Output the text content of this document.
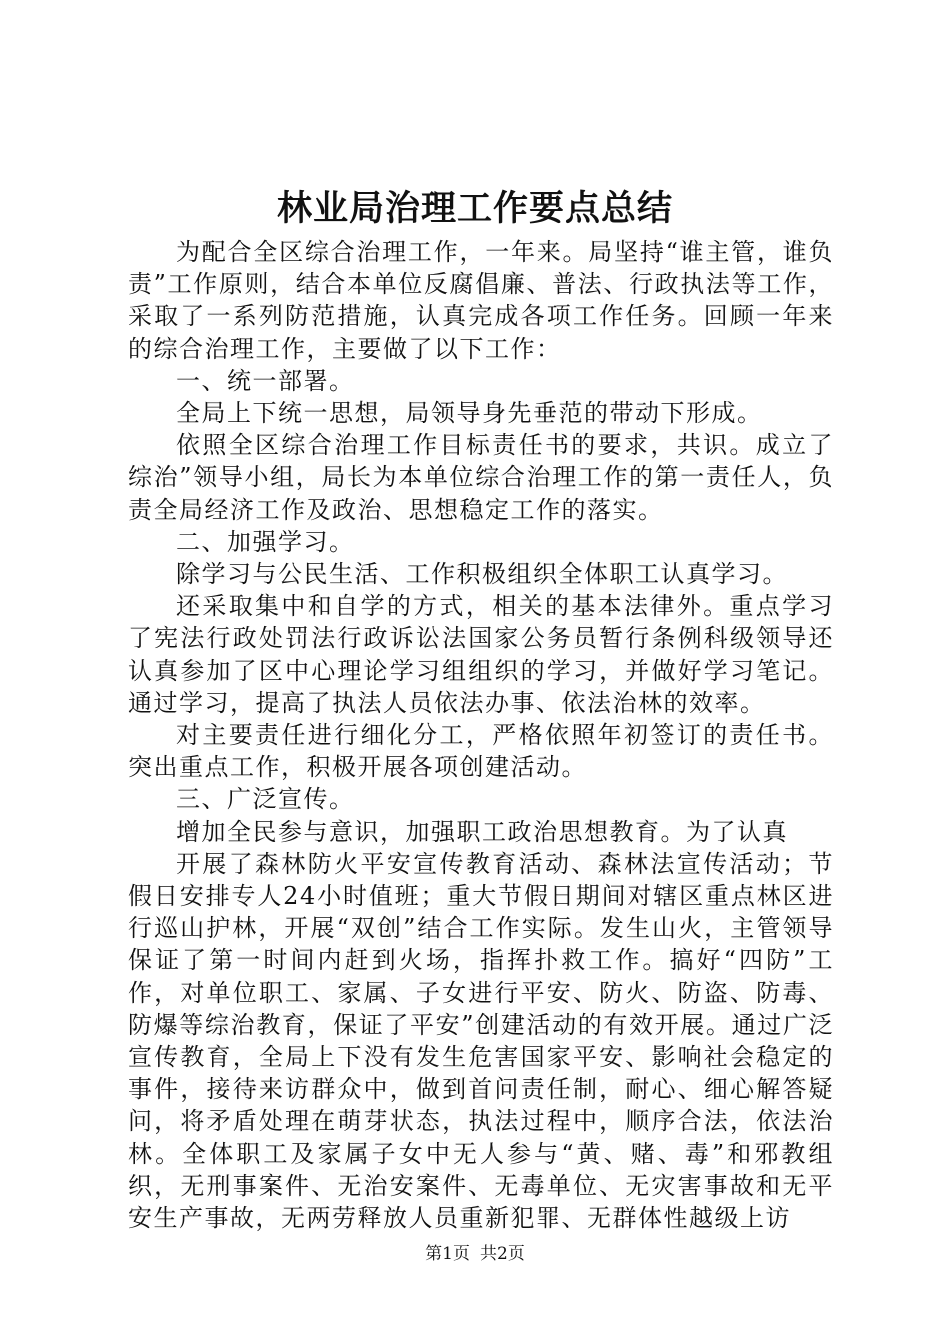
林业局治理工作要点总结

为配合全区综合治理工作，一年来。局坚持“谁主管，谁负责”工作原则，结合本单位反腐倡廉、普法、行政执法等工作，采取了一系列防范措施，认真完成各项工作任务。回顾一年来的综合治理工作，主要做了以下工作：

一、统一部署。

全局上下统一思想，局领导身先垂范的带动下形成。

依照全区综合治理工作目标责任书的要求，共识。成立了综治”领导小组，局长为本单位综合治理工作的第一责任人，负责全局经济工作及政治、思想稳定工作的落实。

二、加强学习。

除学习与公民生活、工作积极组织全体职工认真学习。

还采取集中和自学的方式，相关的基本法律外。重点学习了宪法行政处罚法行政诉讼法国家公务员暂行条例科级领导还认真参加了区中心理论学习组组织的学习，并做好学习笔记。通过学习，提高了执法人员依法办事、依法治林的效率。

对主要责任进行细化分工，严格依照年初签订的责任书。突出重点工作，积极开展各项创建活动。

三、广泛宣传。

增加全民参与意识，加强职工政治思想教育。为了认真

开展了森林防火平安宣传教育活动、森林法宣传活动；节假日安排专人24小时值班；重大节假日期间对辖区重点林区进行巡山护林，开展“双创”结合工作实际。发生山火，主管领导保证了第一时间内赶到火场，指挥扑救工作。搞好“四防”工作，对单位职工、家属、子女进行平安、防火、防盗、防毒、防爆等综治教育，保证了平安”创建活动的有效开展。通过广泛宣传教育，全局上下没有发生危害国家平安、影响社会稳定的事件，接待来访群众中，做到首问责任制，耐心、细心解答疑问，将矛盾处理在萌芽状态，执法过程中，顺序合法，依法治林。全体职工及家属子女中无人参与“黄、赌、毒”和邪教组织，无刑事案件、无治安案件、无毒单位、无灾害事故和无平安生产事故，无两劳释放人员重新犯罪、无群体性越级上访

第1页 共2页
